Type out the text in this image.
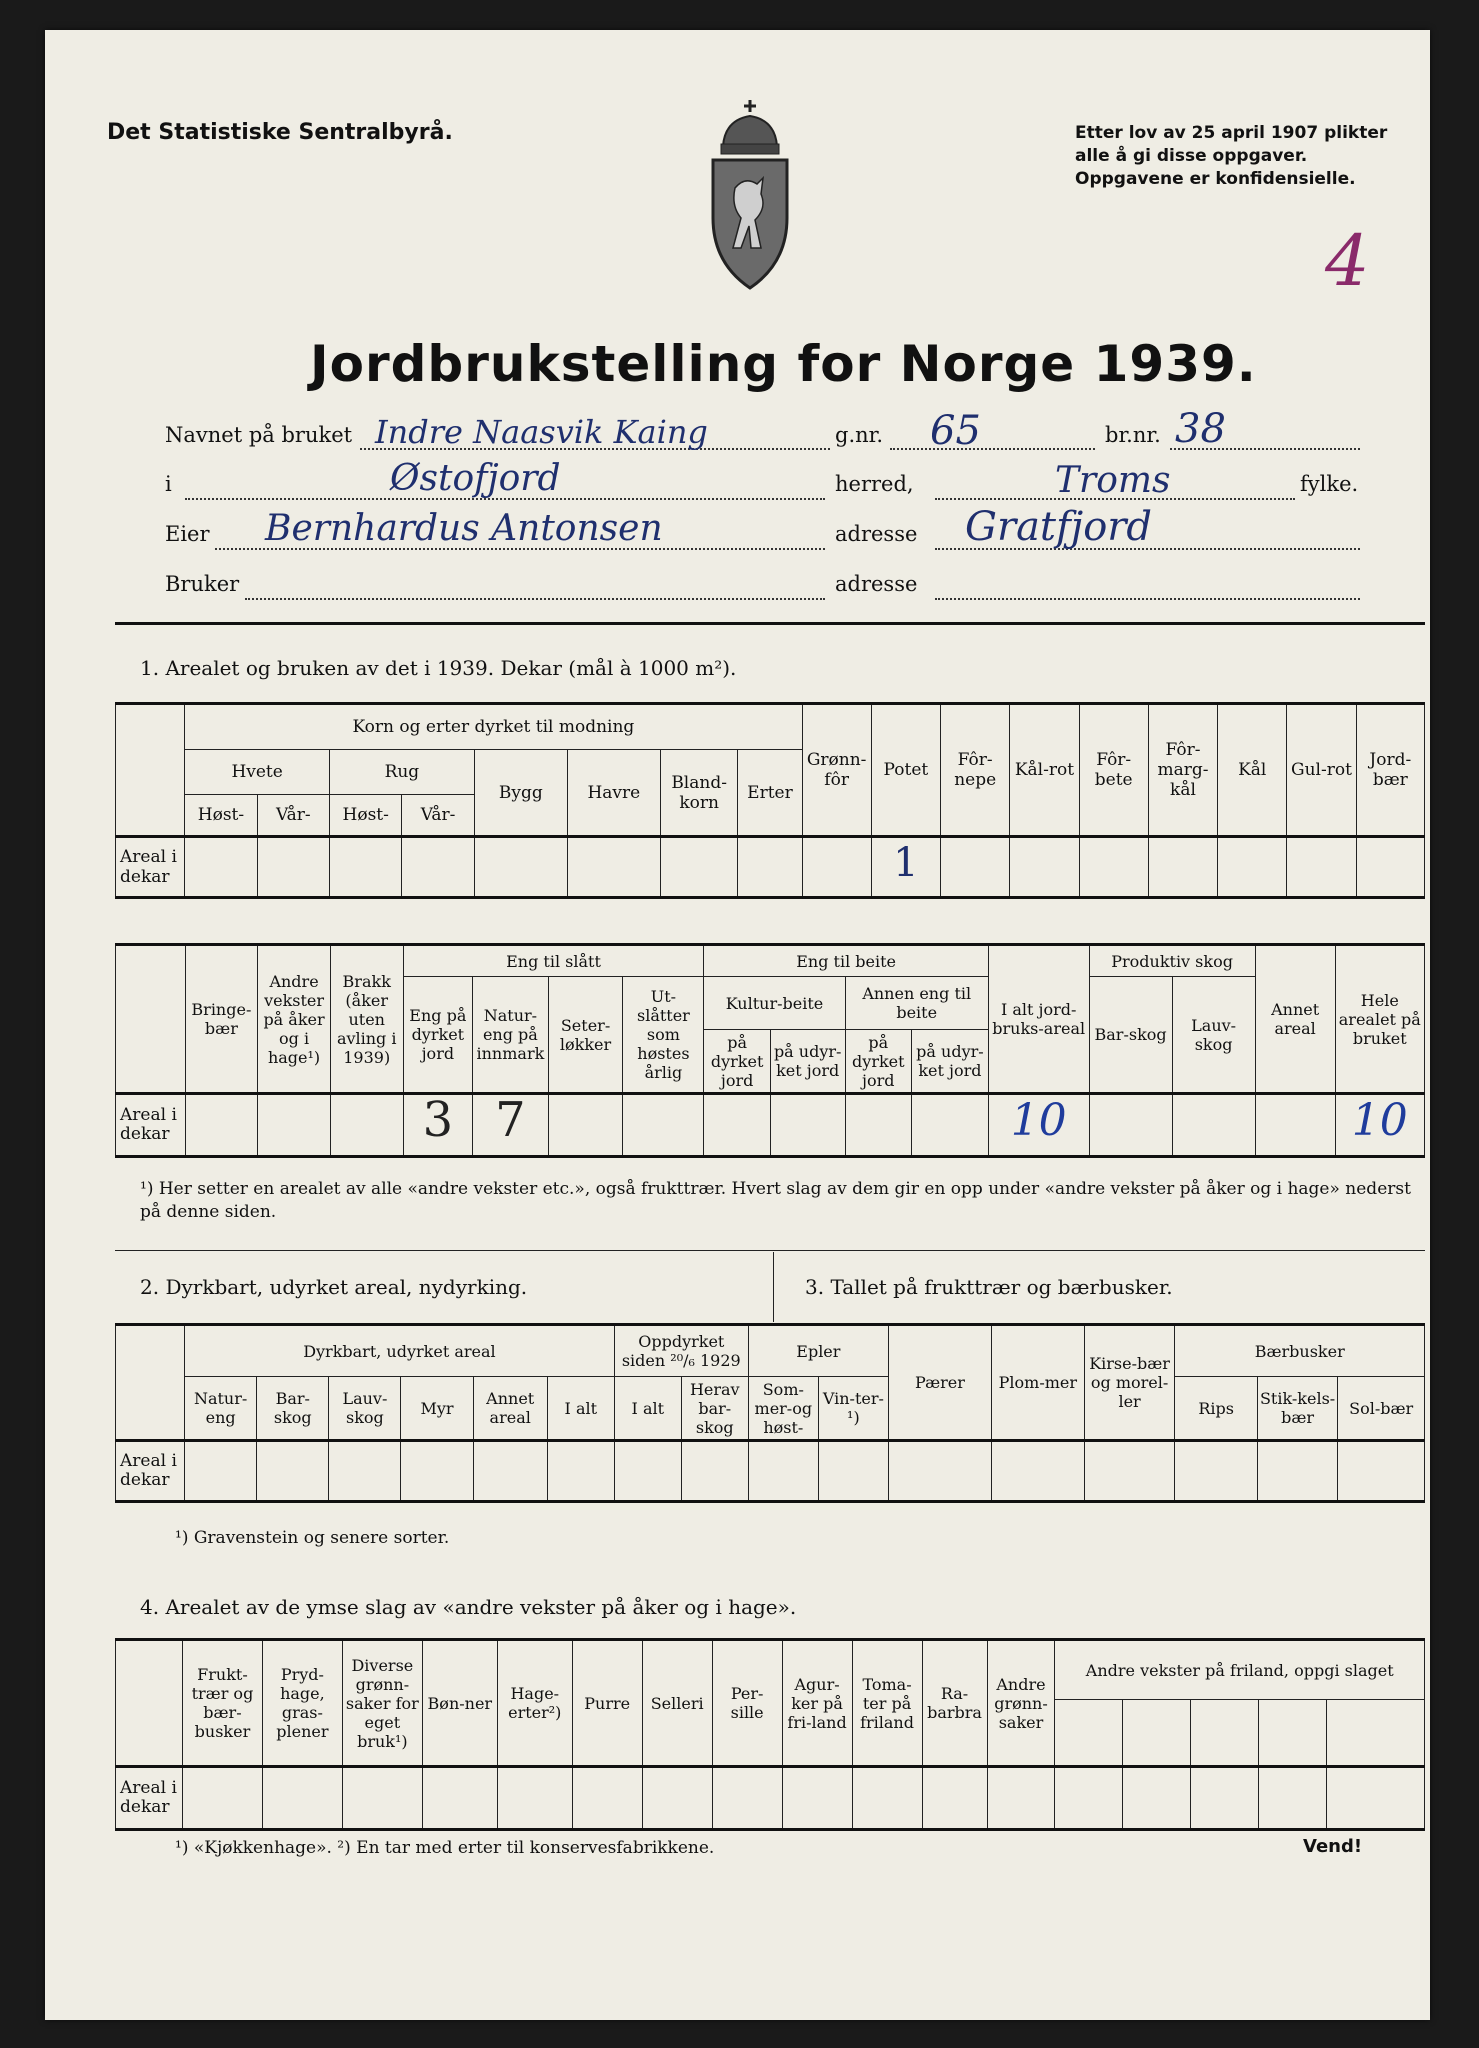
Det Statistiske Sentralbyrå.	Etter lov av 25 april 1907 plikter
alle å gi disse oppgaver.
Oppgavene er konfidensielle.
4
Jordbrukstelling for Norge 1939.
Navnet på bruket Indre Naasvik Kaing	g.nr. 65	br.nr. 38
i	Østofjord	herred,	Troms	fylke.
Eier Bernhardus Antonsen	adresse Gratfjord
Bruker	adresse
1. Arealet og bruken av det i 1939. Dekar (mål à 1000 m²).
	Korn og erter dyrket til modning								Grønn-fôr	Potet	Fôr-nepe	Kål-rot	Fôr-bete	Fôr-marg-kål	Kål	Gul-rot	Jord-bær
	Hvete		Rug		Bygg	Havre	Bland-korn	Erter									
	Høst-	Vår-	Høst-	Vår-													
Areal i dekar										1							
	Bringe-bær	Andre vekster på åker og i hage¹)	Brakk (åker uten avling i 1939)	Eng til slått				Eng til beite				I alt jord-bruks-areal	Produktiv skog		Annet areal	Hele arealet på bruket
				Eng på dyrket jord	Natur-eng på innmark	Seter-løkker	Ut-slåtter som høstes årlig	Kultur-beite		Annen eng til beite			Bar-skog	Lauv-skog		
								på dyrket jord	på udyr-ket jord	på dyrket jord	på udyr-ket jord					
Areal i dekar				3	7							10				10
¹) Her setter en arealet av alle «andre vekster etc.», også frukttrær. Hvert slag av dem gir en opp under «andre vekster på åker og i hage» nederst på denne siden.
2. Dyrkbart, udyrket areal, nydyrking.	3. Tallet på frukttrær og bærbusker.
	Dyrkbart, udyrket areal						Oppdyrket siden ²⁰/₆ 1929		Epler		Pærer	Plom-mer	Kirse-bær og morel-ler	Bærbusker		
	Natur-eng	Bar-skog	Lauv-skog	Myr	Annet areal	I alt	I alt	Herav bar-skog	Som-mer-og høst-	Vin-ter-¹)				Rips	Stik-kels-bær	Sol-bær
Areal i dekar																
¹) Gravenstein og senere sorter.
4. Arealet av de ymse slag av «andre vekster på åker og i hage».
	Frukt-trær og bær-busker	Pryd-hage, gras-plener	Diverse grønn-saker for eget bruk¹)	Bøn-ner	Hage-erter²)	Purre	Selleri	Per-sille	Agur-ker på fri-land	Toma-ter på friland	Ra-barbra	Andre grønn-saker	Andre vekster på friland, oppgi slaget				

Areal i dekar																	
¹) «Kjøkkenhage». ²) En tar med erter til konservesfabrikkene.	Vend!
